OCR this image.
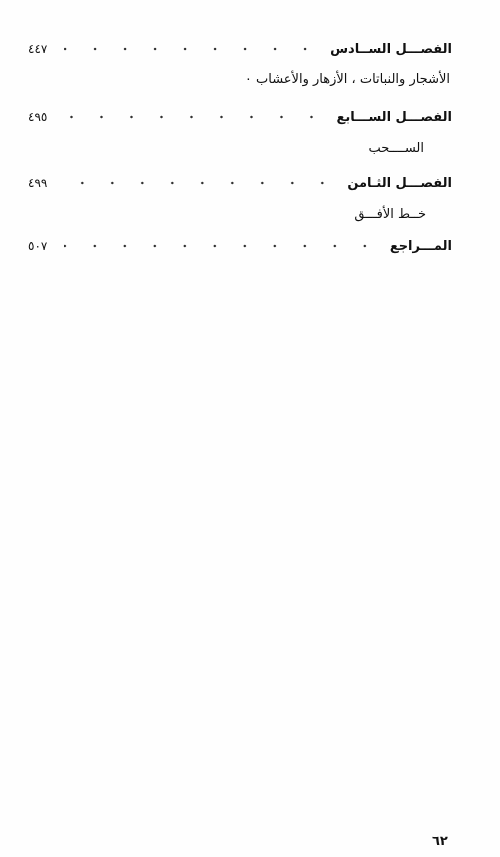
الفصـــل الســادس
٤٤٧
الأشجار والنباتات ، الأزهار والأعشاب ٠
الفصـــل الســـابع
٤٩٥
الســــحب
الفصـــل الثـامن
٤٩٩
خــط الأفـــق
المـــراجع
٥٠٧
٦٢
